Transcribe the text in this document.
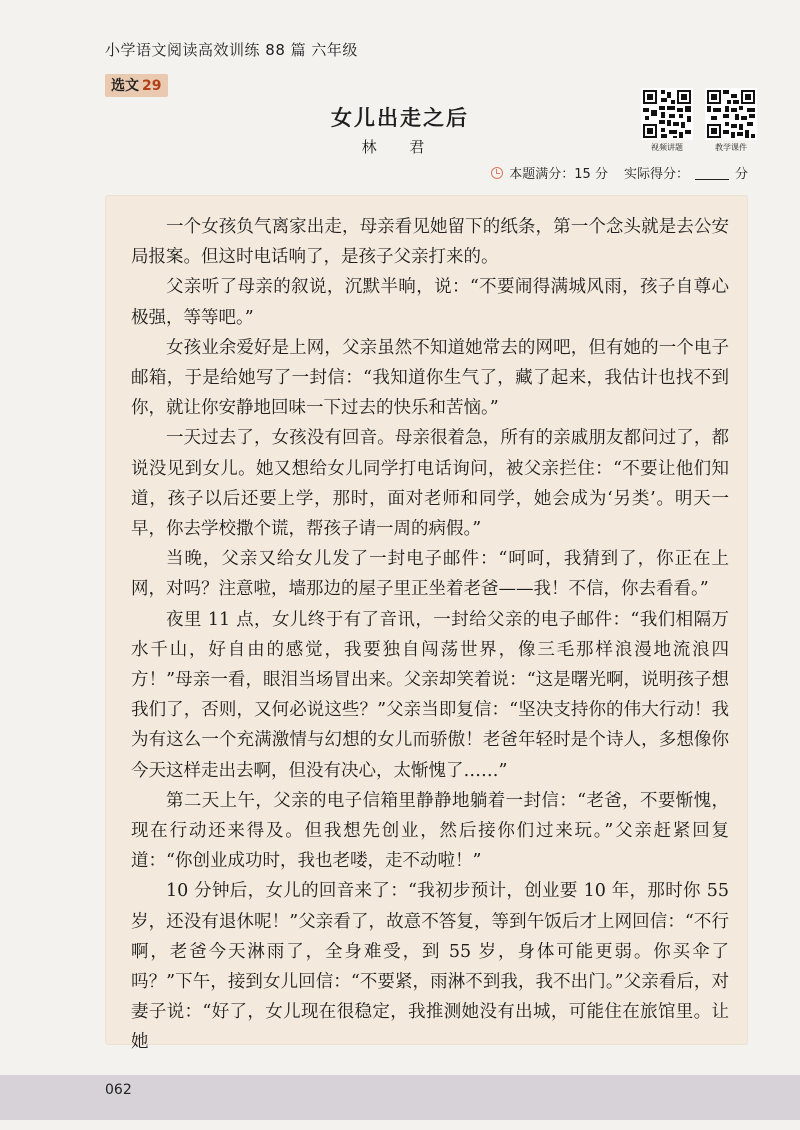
小学语文阅读高效训练 88 篇 六年级
选文 29
女儿出走之后
林 君	视频讲题	教学课件
本题满分：15 分 实际得分：	分

一个女孩负气离家出走，母亲看见她留下的纸条，第一个念头就是去公安局报案。但这时电话响了，是孩子父亲打来的。

父亲听了母亲的叙说，沉默半晌，说：“不要闹得满城风雨，孩子自尊心极强，等等吧。”

女孩业余爱好是上网，父亲虽然不知道她常去的网吧，但有她的一个电子邮箱，于是给她写了一封信：“我知道你生气了，藏了起来，我估计也找不到你，就让你安静地回味一下过去的快乐和苦恼。”

一天过去了，女孩没有回音。母亲很着急，所有的亲戚朋友都问过了，都说没见到女儿。她又想给女儿同学打电话询问，被父亲拦住：“不要让他们知道，孩子以后还要上学，那时，面对老师和同学，她会成为‘另类’。明天一早，你去学校撒个谎，帮孩子请一周的病假。”

当晚，父亲又给女儿发了一封电子邮件：“呵呵，我猜到了，你正在上网，对吗？注意啦，墙那边的屋子里正坐着老爸——我！不信，你去看看。”

夜里 11 点，女儿终于有了音讯，一封给父亲的电子邮件：“我们相隔万水千山，好自由的感觉，我要独自闯荡世界，像三毛那样浪漫地流浪四方！”母亲一看，眼泪当场冒出来。父亲却笑着说：“这是曙光啊，说明孩子想我们了，否则，又何必说这些？”父亲当即复信：“坚决支持你的伟大行动！我为有这么一个充满激情与幻想的女儿而骄傲！老爸年轻时是个诗人，多想像你今天这样走出去啊，但没有决心，太惭愧了……”

第二天上午，父亲的电子信箱里静静地躺着一封信：“老爸，不要惭愧，现在行动还来得及。但我想先创业，然后接你们过来玩。”父亲赶紧回复道：“你创业成功时，我也老喽，走不动啦！”

10 分钟后，女儿的回音来了：“我初步预计，创业要 10 年，那时你 55 岁，还没有退休呢！”父亲看了，故意不答复，等到午饭后才上网回信：“不行啊，老爸今天淋雨了，全身难受，到 55 岁，身体可能更弱。你买伞了吗？”下午，接到女儿回信：“不要紧，雨淋不到我，我不出门。”父亲看后，对妻子说：“好了，女儿现在很稳定，我推测她没有出城，可能住在旅馆里。让她

062
